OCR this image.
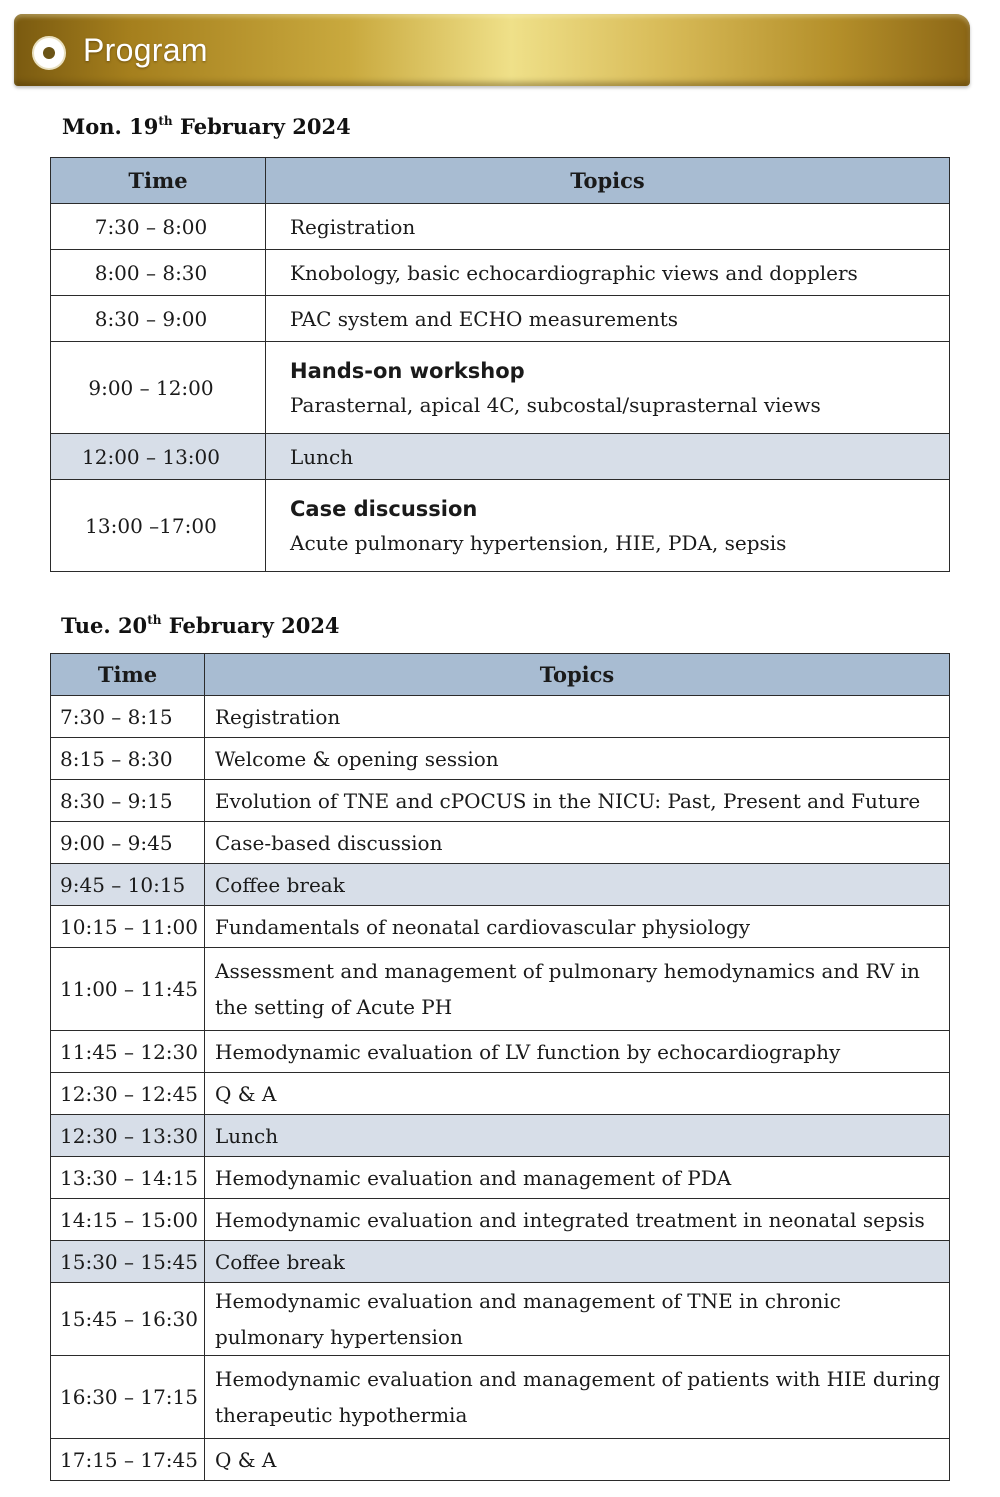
Program
Mon. 19th February 2024
Time	Topics
7:30 – 8:00	Registration
8:00 – 8:30	Knobology, basic echocardiographic views and dopplers
8:30 – 9:00	PAC system and ECHO measurements
9:00 – 12:00	Hands-on workshop
Parasternal, apical 4C, subcostal/suprasternal views

12:00 – 13:00	Lunch
13:00 –17:00	Case discussion
Acute pulmonary hypertension, HIE, PDA, sepsis
Tue. 20th February 2024
Time	Topics
7:30 – 8:15	Registration
8:15 – 8:30	Welcome & opening session
8:30 – 9:15	Evolution of TNE and cPOCUS in the NICU: Past, Present and Future
9:00 – 9:45	Case-based discussion
9:45 – 10:15	Coffee break
10:15 – 11:00	Fundamentals of neonatal cardiovascular physiology
11:00 – 11:45	Assessment and management of pulmonary hemodynamics and RV in the setting of Acute PH
11:45 – 12:30	Hemodynamic evaluation of LV function by echocardiography
12:30 – 12:45	Q & A
12:30 – 13:30	Lunch
13:30 – 14:15	Hemodynamic evaluation and management of PDA
14:15 – 15:00	Hemodynamic evaluation and integrated treatment in neonatal sepsis
15:30 – 15:45	Coffee break
15:45 – 16:30	Hemodynamic evaluation and management of TNE in chronic pulmonary hypertension
16:30 – 17:15	Hemodynamic evaluation and management of patients with HIE during therapeutic hypothermia
17:15 – 17:45	Q & A
